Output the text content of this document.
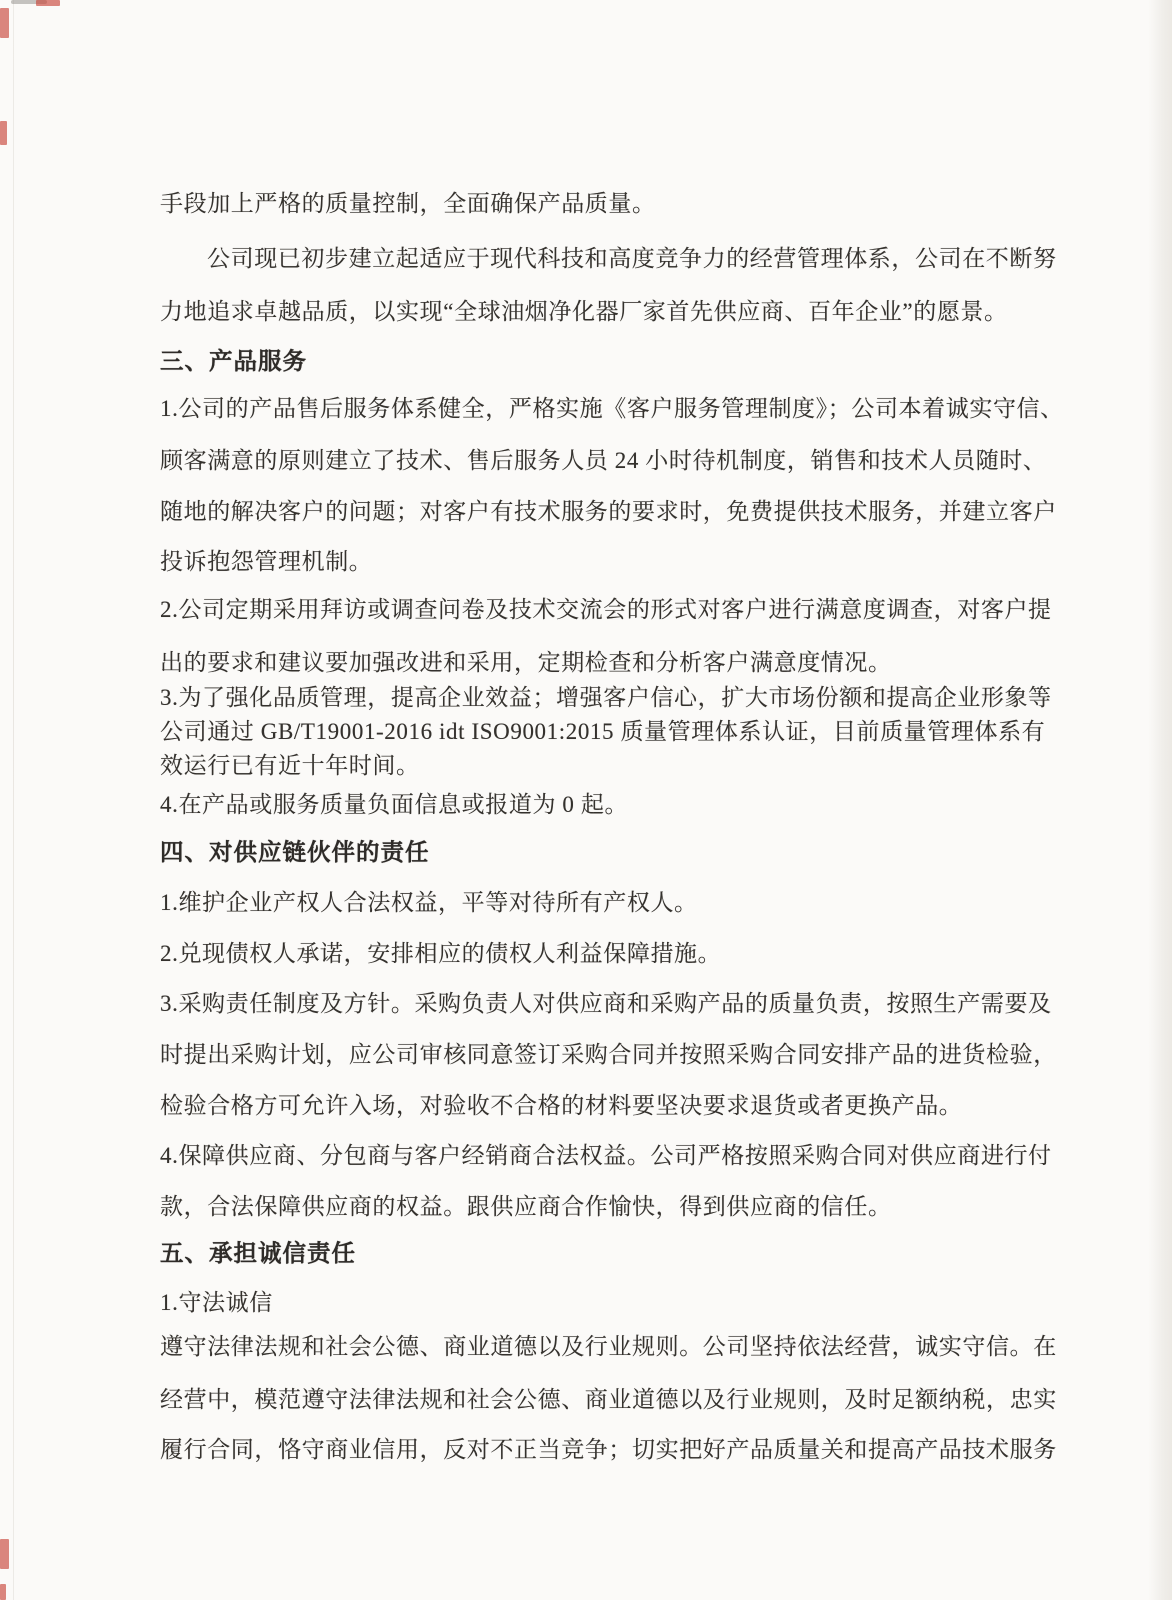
手段加上严格的质量控制，全面确保产品质量。
公司现已初步建立起适应于现代科技和高度竞争力的经营管理体系，公司在不断努
力地追求卓越品质，以实现“全球油烟净化器厂家首先供应商、百年企业”的愿景。
三、产品服务
1.公司的产品售后服务体系健全，严格实施《客户服务管理制度》；公司本着诚实守信、
顾客满意的原则建立了技术、售后服务人员 24 小时待机制度，销售和技术人员随时、
随地的解决客户的问题；对客户有技术服务的要求时，免费提供技术服务，并建立客户
投诉抱怨管理机制。
2.公司定期采用拜访或调查问卷及技术交流会的形式对客户进行满意度调查，对客户提
出的要求和建议要加强改进和采用，定期检查和分析客户满意度情况。
3.为了强化品质管理，提高企业效益；增强客户信心，扩大市场份额和提高企业形象等
公司通过 GB/T19001-2016 idt ISO9001:2015 质量管理体系认证，目前质量管理体系有
效运行已有近十年时间。
4.在产品或服务质量负面信息或报道为 0 起。
四、对供应链伙伴的责任
1.维护企业产权人合法权益，平等对待所有产权人。
2.兑现债权人承诺，安排相应的债权人利益保障措施。
3.采购责任制度及方针。采购负责人对供应商和采购产品的质量负责，按照生产需要及
时提出采购计划，应公司审核同意签订采购合同并按照采购合同安排产品的进货检验，
检验合格方可允许入场，对验收不合格的材料要坚决要求退货或者更换产品。
4.保障供应商、分包商与客户经销商合法权益。公司严格按照采购合同对供应商进行付
款，合法保障供应商的权益。跟供应商合作愉快，得到供应商的信任。
五、承担诚信责任
1.守法诚信
遵守法律法规和社会公德、商业道德以及行业规则。公司坚持依法经营，诚实守信。在
经营中，模范遵守法律法规和社会公德、商业道德以及行业规则，及时足额纳税，忠实
履行合同，恪守商业信用，反对不正当竞争；切实把好产品质量关和提高产品技术服务
